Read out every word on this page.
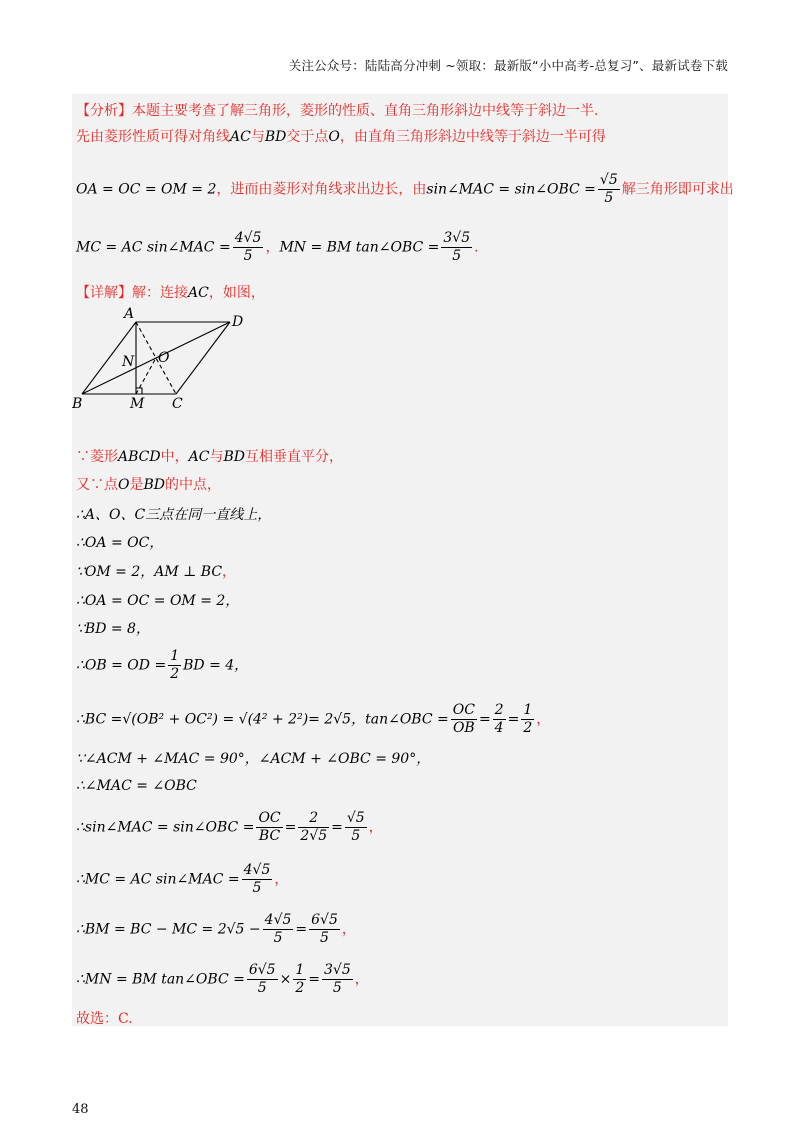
关注公众号：陆陆高分冲刺 ~领取：最新版“小中高考-总复习”、最新试卷下载
【分析】本题主要考查了解三角形，菱形的性质、直角三角形斜边中线等于斜边一半.
先由菱形性质可得对角线AC与BD交于点O，由直角三角形斜边中线等于斜边一半可得
OA = OC = OM = 2，进而由菱形对角线求出边长，由sin∠MAC = sin∠OBC = $\frac{√5}{5}$ 解三角形即可求出
MC = AC sin∠MAC = $\frac{4√5}{5}$ ，MN = BM tan∠OBC = $\frac{3√5}{5}$ .
【详解】解：连接AC，如图，
A	D
N O
B	M C
∵菱形ABCD中，AC与BD互相垂直平分，
又∵点O是BD的中点，
∴A、O、C三点在同一直线上，
∴OA = OC，
∵OM = 2，AM ⊥ BC，
∴OA = OC = OM = 2，
∵BD = 8，
∴OB = OD = $\frac{1}{2}$ BD = 4，
∴BC =√(OB² + OC²) = √(4² + 2²)= 2√5，tan∠OBC = $\frac{OC}{OB} = \frac{2}{4} = \frac{1}{2}$ ，
∵∠ACM + ∠MAC = 90°，∠ACM + ∠OBC = 90°，
∴∠MAC = ∠OBC
∴sin∠MAC = sin∠OBC = $\frac{OC}{BC} = \frac{2}{2√5} = \frac{√5}{5}$ ，
∴MC = AC sin∠MAC = $\frac{4√5}{5}$ ，
∴BM = BC − MC = $2√5 - \frac{4√5}{5} = \frac{6√5}{5}$ ，
∴MN = BM tan∠OBC = $\frac{6√5}{5} \times \frac{1}{2} = \frac{3√5}{5}$ ，
故选：C.
48
